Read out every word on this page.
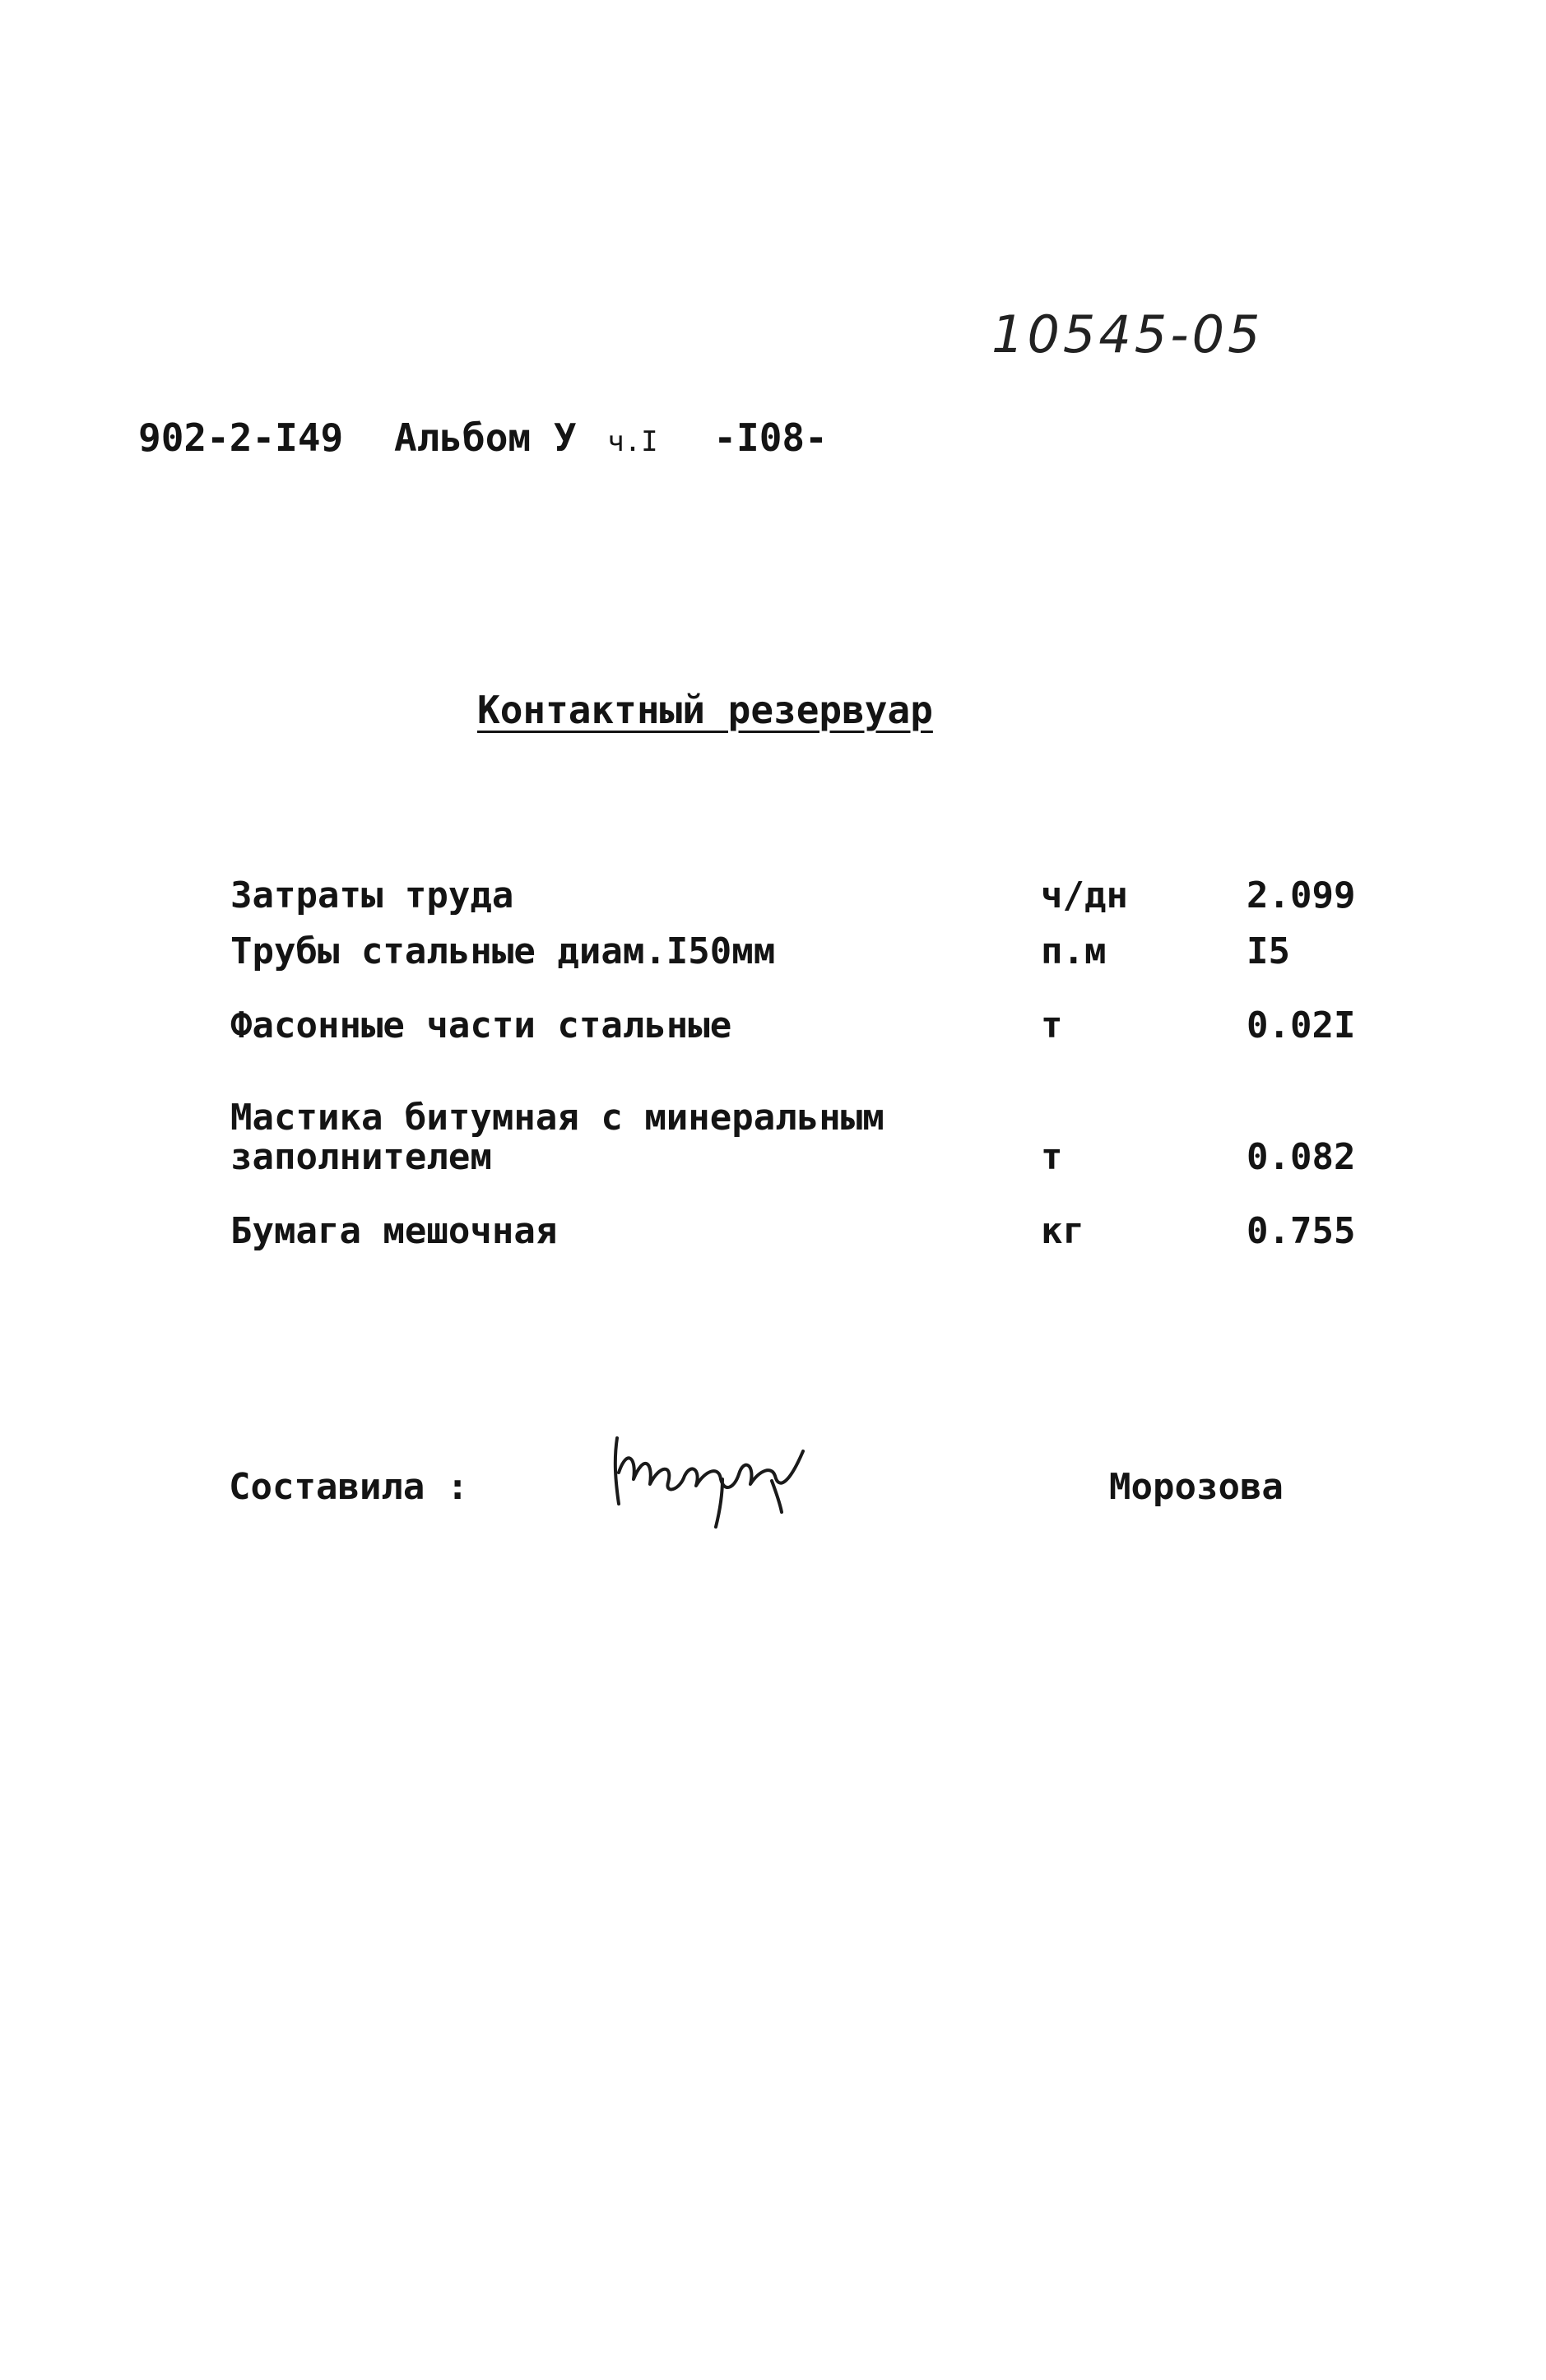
10545-05
902-2-I49 Альбом У ч.I -I08-
Контактный резервуар
Затраты труда	ч/дн	2.099
Трубы стальные диам.I50мм	п.м	I5
Фасонные части стальные	т	0.02I
Мастика битумная с минеральным
заполнителем	т	0.082
Бумага мешочная	кг	0.755
Составила :	Морозова
